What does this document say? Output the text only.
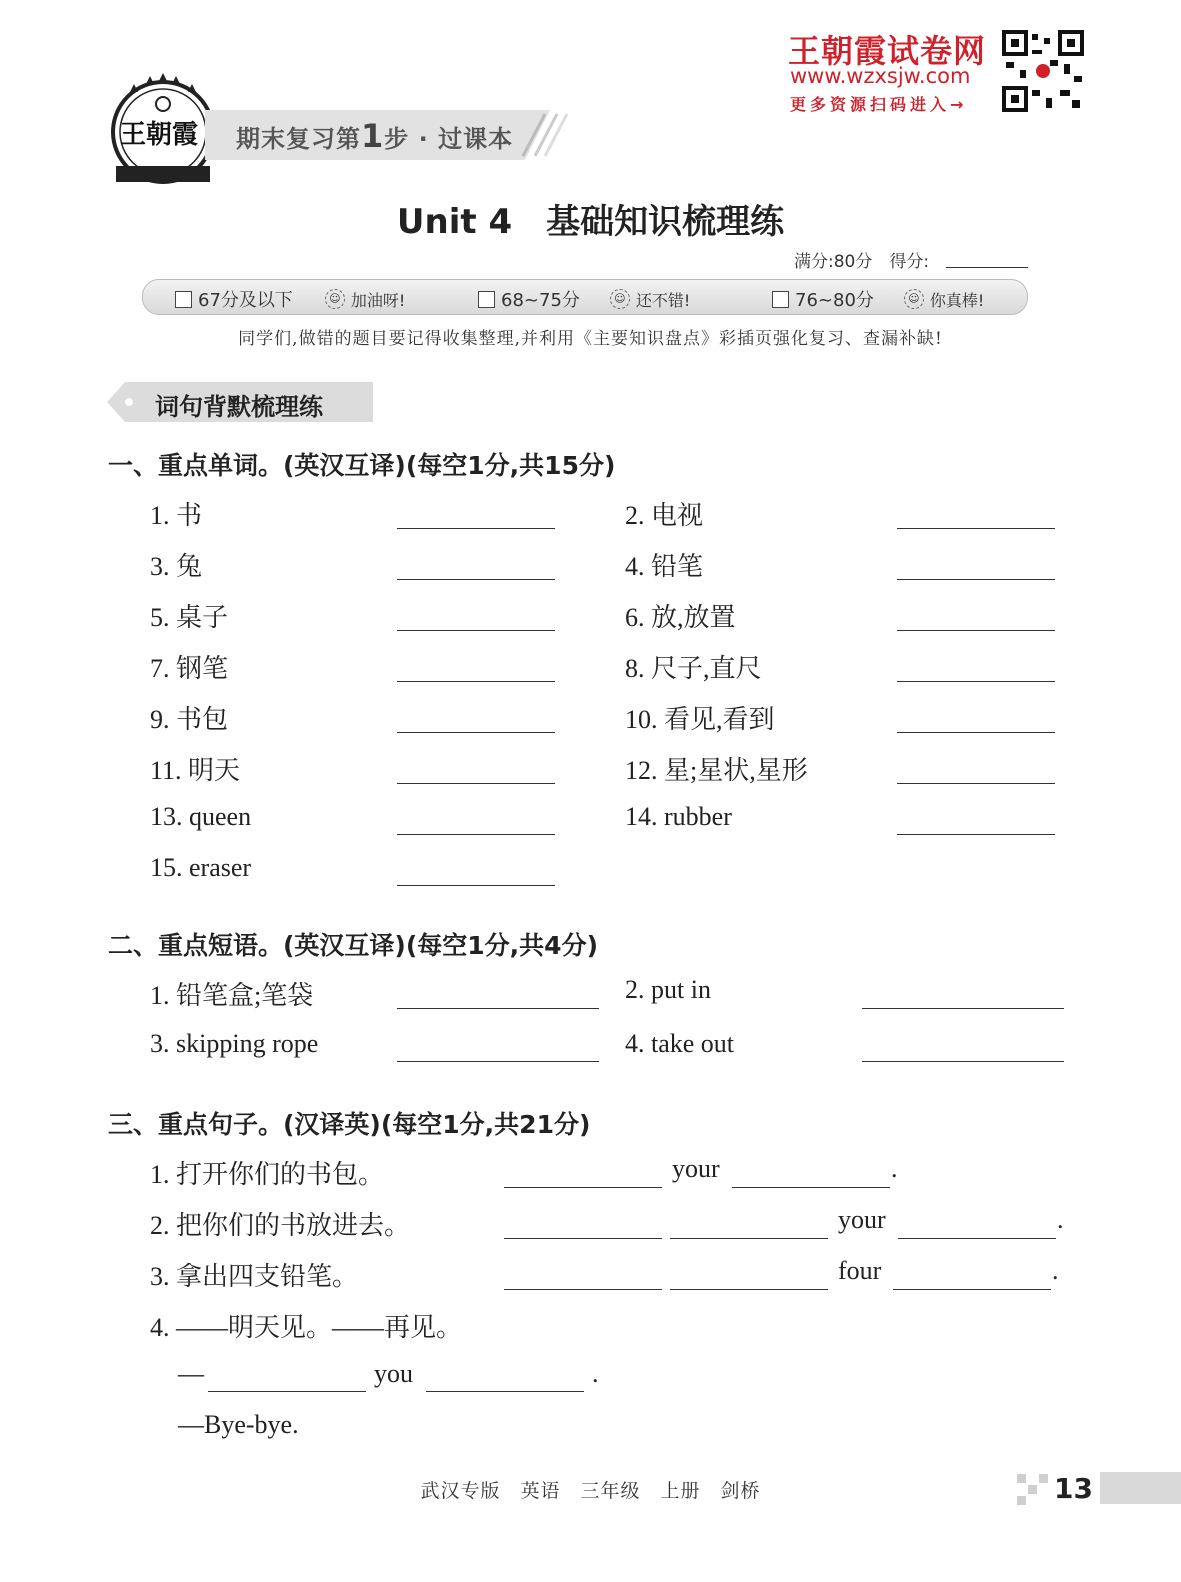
王朝霞 期末复习第1步 · 过课本
王朝霞试卷网
www.wzxsjw.com
更多资源扫码进入→
Unit 4　基础知识梳理练
满分:80分　得分:
67分及以下	☺ 加油呀!	68~75分	☺ 还不错!	76~80分	☺ 你真棒!
同学们,做错的题目要记得收集整理,并利用《主要知识盘点》彩插页强化复习、查漏补缺!
词句背默梳理练
一、重点单词。(英汉互译)(每空1分,共15分)
1. 书	2. 电视
3. 兔	4. 铅笔
5. 桌子	6. 放,放置
7. 钢笔	8. 尺子,直尺
9. 书包	10. 看见,看到
11. 明天	12. 星;星状,星形
13. queen	14. rubber
15. eraser
二、重点短语。(英汉互译)(每空1分,共4分)
1. 铅笔盒;笔袋	2. put in
3. skipping rope	4. take out
三、重点句子。(汉译英)(每空1分,共21分)
1. 打开你们的书包。	your	.
2. 把你们的书放进去。	your	.
3. 拿出四支铅笔。	four	.
4. ——明天见。——再见。
—	you	.
—Bye-bye.
武汉专版　英语　三年级　上册　剑桥	13
